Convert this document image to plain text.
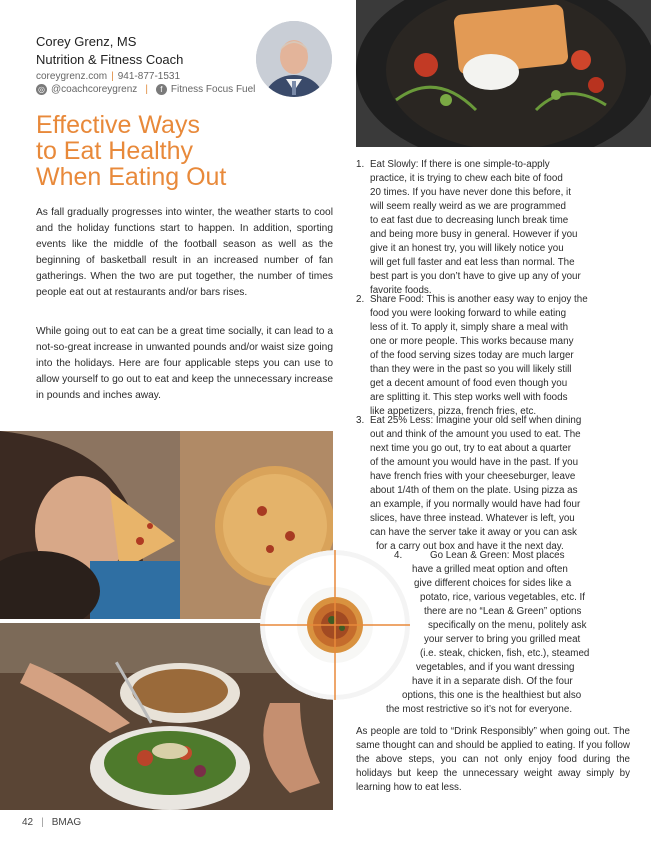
Corey Grenz, MS
Nutrition & Fitness Coach
coreygrenz.com | 941-877-1531
◎ @coachcoreygrenz |	f Fitness Focus Fuel
Effective Ways
to Eat Healthy
When Eating Out

As fall gradually progresses into winter, the weather starts to cool and the holiday functions start to happen. In addition, sporting events like the middle of the football season as well as the beginning of basketball result in an increased number of fan gatherings. When the two are put together, the number of times people eat out at restaurants and/or bars rises.

While going out to eat can be a great time socially, it can lead to a not-so-great increase in unwanted pounds and/or waist size going into the holidays. Here are four applicable steps you can use to allow yourself to go out to eat and keep the unnecessary increase in pounds and inches away.

1. Eat Slowly: If there is one simple-to-apply

practice, it is trying to chew each bite of food

20 times. If you have never done this before, it

will seem really weird as we are programmed

to eat fast due to decreasing lunch break time

and being more busy in general. However if you

give it an honest try, you will likely notice you

will get full faster and eat less than normal. The

best part is you don’t have to give up any of your

favorite foods.

2. Share Food: This is another easy way to enjoy the

food you were looking forward to while eating

less of it. To apply it, simply share a meal with

one or more people. This works because many

of the food serving sizes today are much larger

than they were in the past so you will likely still

get a decent amount of food even though you

are splitting it. This step works well with foods

like appetizers, pizza, french fries, etc.

3. Eat 25% Less: Imagine your old self when dining

out and think of the amount you used to eat. The

next time you go out, try to eat about a quarter

of the amount you would have in the past. If you

have french fries with your cheeseburger, leave

about 1/4th of them on the plate. Using pizza as

an example, if you normally would have had four

slices, have three instead. Whatever is left, you

can have the server take it away or you can ask

for a carry out box and have it the next day.

4.	Go Lean & Green: Most places

have a grilled meat option and often

give different choices for sides like a

potato, rice, various vegetables, etc. If

there are no “Lean & Green” options

specifically on the menu, politely ask

your server to bring you grilled meat

(i.e. steak, chicken, fish, etc.), steamed

vegetables, and if you want dressing

have it in a separate dish. Of the four

options, this one is the healthiest but also

the most restrictive so it’s not for everyone.

As people are told to “Drink Responsibly” when going out. The same thought can and should be applied to eating. If you follow the above steps, you can not only enjoy food during the holidays but keep the unnecessary weight away simply by learning how to eat less.

42 | BMAG
